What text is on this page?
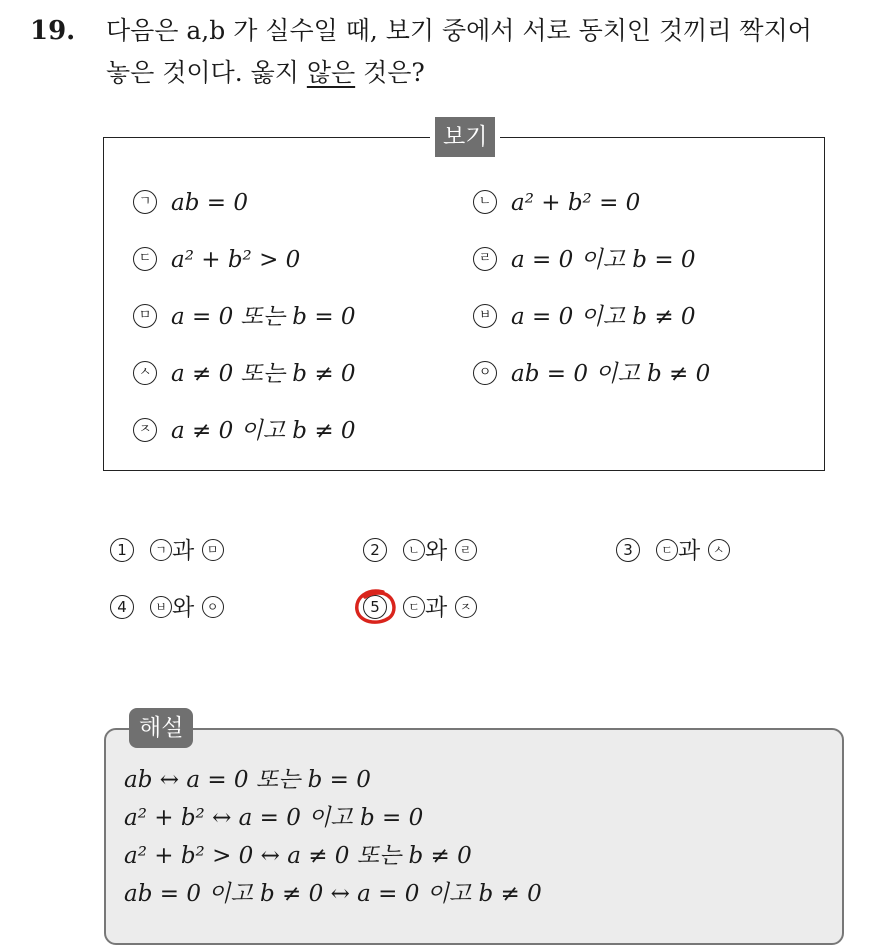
19. 다음은 a,b 가 실수일 때, 보기 중에서 서로 동치인 것끼리 짝지어
놓은 것이다. 옳지 않은 것은?
보기
ㄱ ab = 0	ㄴ a² + b² = 0
ㄷ a² + b² > 0	ㄹ a = 0 이고 b = 0
ㅁ a = 0 또는 b = 0	ㅂ a = 0 이고 b ≠ 0
ㅅ a ≠ 0 또는 b ≠ 0	ㅇ ab = 0 이고 b ≠ 0
ㅈ a ≠ 0 이고 b ≠ 0
1 ㄱ 과 ㅁ	2 ㄴ 와 ㄹ	3 ㄷ 과 ㅅ
4 ㅂ 와 ㅇ	5 ㄷ 과 ㅈ
해설
ab ↔ a = 0 또는 b = 0
a² + b² ↔ a = 0 이고 b = 0
a² + b² > 0 ↔ a ≠ 0 또는 b ≠ 0
ab = 0 이고 b ≠ 0 ↔ a = 0 이고 b ≠ 0
